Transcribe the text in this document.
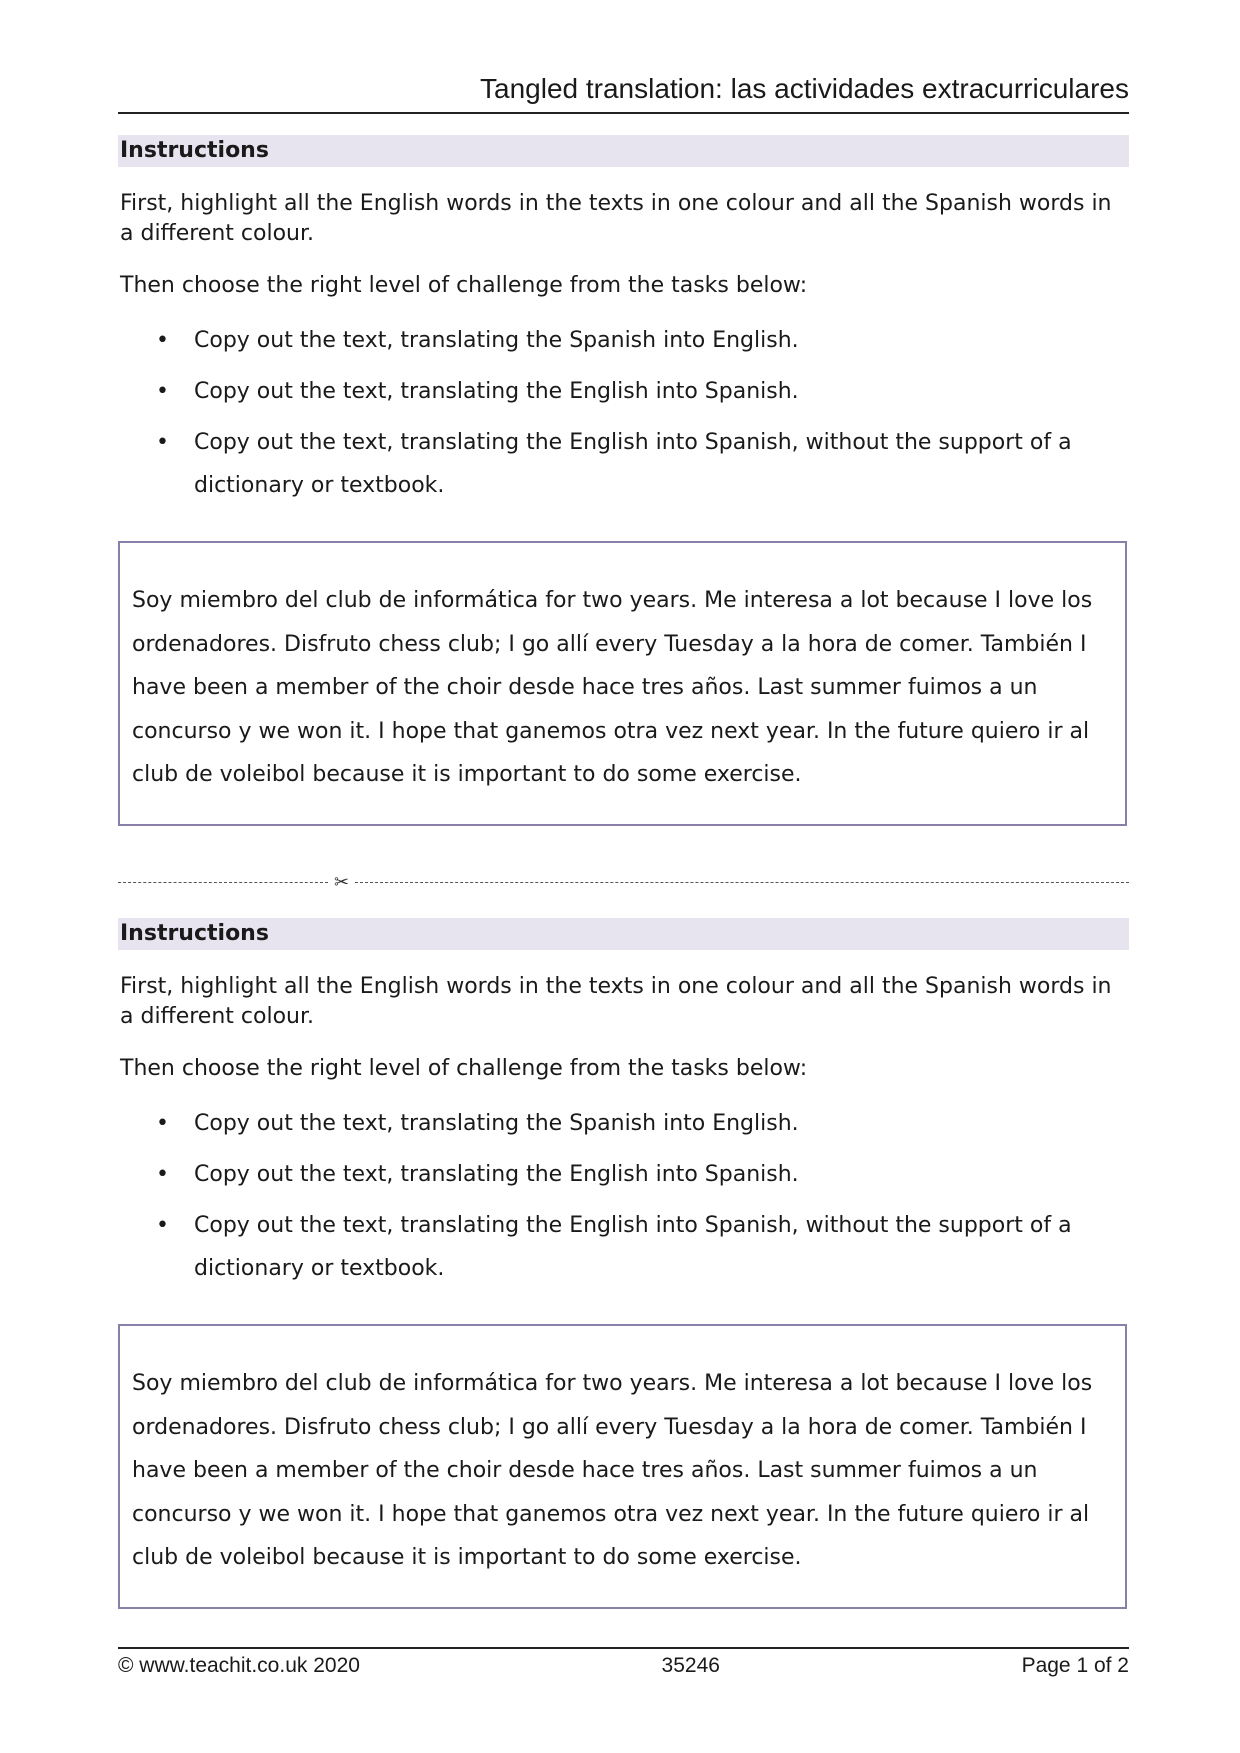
Tangled translation: las actividades extracurriculares
Instructions

First, highlight all the English words in the texts in one colour and all the Spanish words in a different colour.

Then choose the right level of challenge from the tasks below:

• Copy out the text, translating the Spanish into English.
• Copy out the text, translating the English into Spanish.
• Copy out the text, translating the English into Spanish, without the support of a dictionary or textbook.

Soy miembro del club de informática for two years. Me interesa a lot because I love los ordenadores. Disfruto chess club; I go allí every Tuesday a la hora de comer. También I have been a member of the choir desde hace tres años. Last summer fuimos a un concurso y we won it. I hope that ganemos otra vez next year. In the future quiero ir al club de voleibol because it is important to do some exercise.

✂
Instructions

First, highlight all the English words in the texts in one colour and all the Spanish words in a different colour.

Then choose the right level of challenge from the tasks below:

• Copy out the text, translating the Spanish into English.
• Copy out the text, translating the English into Spanish.
• Copy out the text, translating the English into Spanish, without the support of a dictionary or textbook.

Soy miembro del club de informática for two years. Me interesa a lot because I love los ordenadores. Disfruto chess club; I go allí every Tuesday a la hora de comer. También I have been a member of the choir desde hace tres años. Last summer fuimos a un concurso y we won it. I hope that ganemos otra vez next year. In the future quiero ir al club de voleibol because it is important to do some exercise.

© www.teachit.co.uk 2020	35246	Page 1 of 2
